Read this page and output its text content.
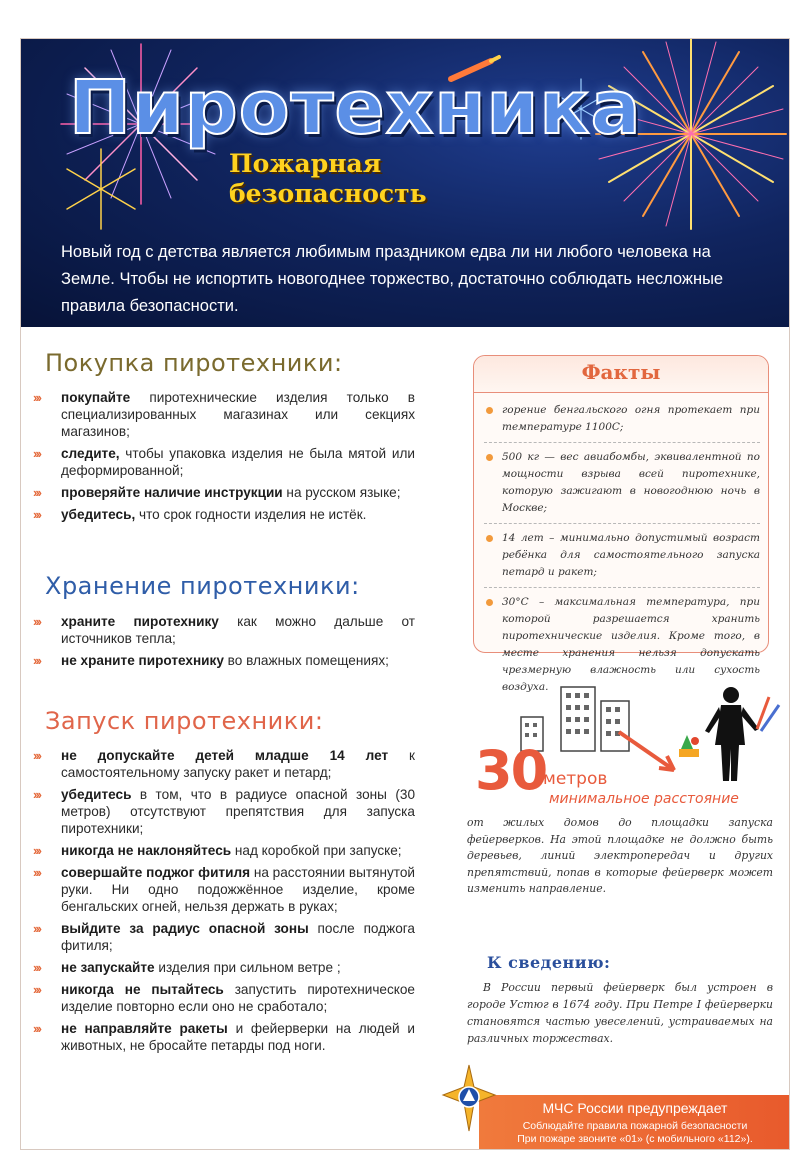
Пиротехника
Пожарная
безопасность

Новый год с детства является любимым праздником едва ли ни любого человека на Земле. Чтобы не испортить новогоднее торжество, достаточно соблюдать несложные правила безопасности.

Покупка пиротехники:
››› покупайте пиротехнические изделия только в специализированных магазинах или секциях магазинов;
››› следите, чтобы упаковка изделия не была мятой или деформированной;
››› проверяйте наличие инструкции на русском языке;
››› убедитесь, что срок годности изделия не истёк.
Хранение пиротехники:
››› храните пиротехнику как можно дальше от источников тепла;
››› не храните пиротехнику во влажных помещениях;
Запуск пиротехники:
››› не допускайте детей младше 14 лет к самостоятельному запуску ракет и петард;
››› убедитесь в том, что в радиусе опасной зоны (30 метров) отсутствуют препятствия для запуска пиротехники;
››› никогда не наклоняйтесь над коробкой при запуске;
››› совершайте поджог фитиля на расстоянии вытянутой руки. Ни одно подожжённое изделие, кроме бенгальских огней, нельзя держать в руках;
››› выйдите за радиус опасной зоны после поджога фитиля;
››› не запускайте изделия при сильном ветре ;
››› никогда не пытайтесь запустить пиротехническое изделие повторно если оно не сработало;
››› не направляйте ракеты и фейерверки на людей и животных, не бросайте петарды под ноги.
Факты
горение бенгальского огня протекает при температуре 1100С;
500 кг — вес авиабомбы, эквивалентной по мощности взрыва всей пиротехнике, которую зажигают в новогоднюю ночь в Москве;
14 лет – минимально допустимый возраст ребёнка для самостоятельного запуска петард и ракет;
30°С – максимальная температура, при которой разрешается хранить пиротехнические изделия. Кроме того, в месте хранения нельзя допускать чрезмерную влажность или сухость воздуха.

30

метров

минимальное расстояние

от жилых домов до площадки запуска фейерверков. На этой площадке не должно быть деревьев, линий электропередач и других препятствий, попав в которые фейерверк может изменить направление.

К сведению:

В России первый фейерверк был устроен в городе Устюг в 1674 году. При Петре I фейерверки становятся частью увеселений, устраиваемых на различных торжествах.

МЧС России предупреждает

Соблюдайте правила пожарной безопасности

При пожаре звоните «01» (с мобильного «112»).
